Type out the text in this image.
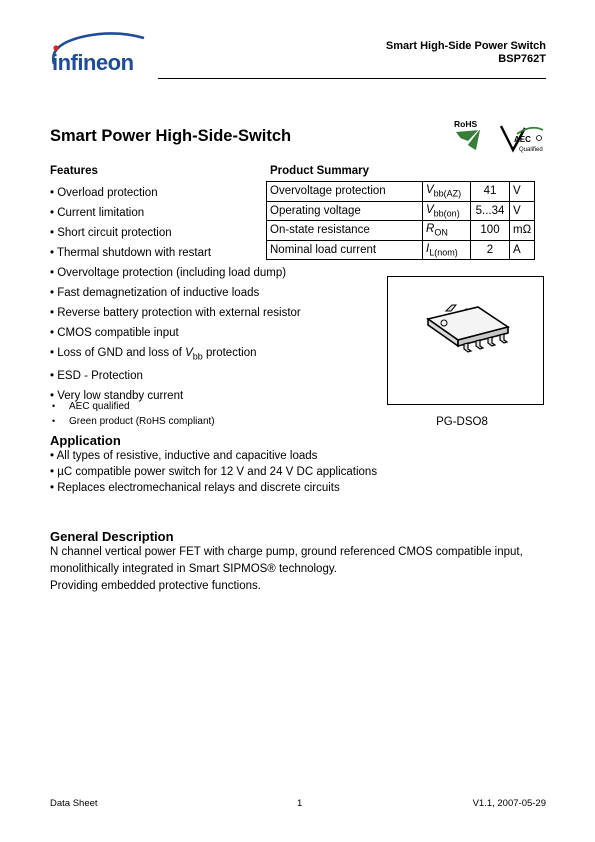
infineon
Smart High-Side Power Switch
BSP762T
Smart Power High-Side-Switch
RoHS
AEC
Qualified
Features
• Overload protection
• Current limitation
• Short circuit protection
• Thermal shutdown with restart
• Overvoltage protection (including load dump)
• Fast demagnetization of inductive loads
• Reverse battery protection with external resistor
• CMOS compatible input
• Loss of GND and loss of $V_{bb}$ protection
• ESD - Protection
• Very low standby current
• AEC qualified
• Green product (RoHS compliant)
Product Summary
Overvoltage protection	$V_{bb(AZ)}$	41	V
Operating voltage	$V_{bb(on)}$	5...34	V
On-state resistance	$R_{ON}$	100	mΩ
Nominal load current	$I_{L(nom)}$	2	A
PG-DSO8
Application
• All types of resistive, inductive and capacitive loads
• µC compatible power switch for 12 V and 24 V DC applications
• Replaces electromechanical relays and discrete circuits
General Description
N channel vertical power FET with charge pump, ground referenced CMOS compatible input,
monolithically integrated in Smart SIPMOS® technology.
Providing embedded protective functions.
Data Sheet	1	V1.1, 2007-05-29
